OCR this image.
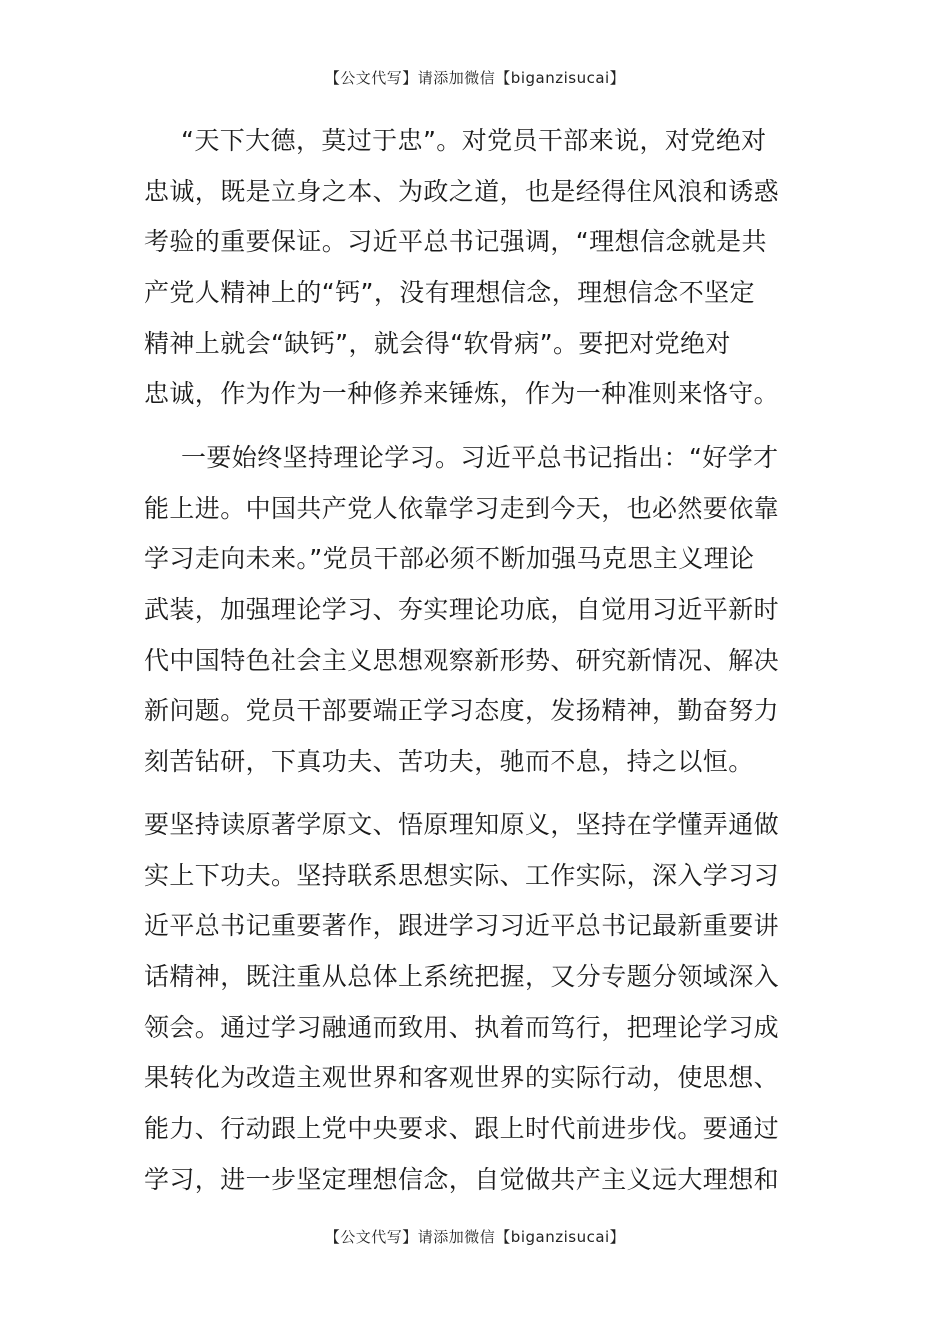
【公文代写】请添加微信【biganzisucai】
“天下大德，莫过于忠”。对党员干部来说，对党绝对
忠诚，既是立身之本、为政之道，也是经得住风浪和诱惑
考验的重要保证。习近平总书记强调，“理想信念就是共
产党人精神上的“钙”，没有理想信念，理想信念不坚定
精神上就会“缺钙”，就会得“软骨病”。要把对党绝对
忠诚，作为作为一种修养来锤炼，作为一种准则来恪守。
一要始终坚持理论学习。习近平总书记指出：“好学才
能上进。中国共产党人依靠学习走到今天，也必然要依靠
学习走向未来。”党员干部必须不断加强马克思主义理论
武装，加强理论学习、夯实理论功底，自觉用习近平新时
代中国特色社会主义思想观察新形势、研究新情况、解决
新问题。党员干部要端正学习态度，发扬精神，勤奋努力
刻苦钻研，下真功夫、苦功夫，驰而不息，持之以恒。
要坚持读原著学原文、悟原理知原义，坚持在学懂弄通做
实上下功夫。坚持联系思想实际、工作实际，深入学习习
近平总书记重要著作，跟进学习习近平总书记最新重要讲
话精神，既注重从总体上系统把握，又分专题分领域深入
领会。通过学习融通而致用、执着而笃行，把理论学习成
果转化为改造主观世界和客观世界的实际行动，使思想、
能力、行动跟上党中央要求、跟上时代前进步伐。要通过
学习，进一步坚定理想信念，自觉做共产主义远大理想和
【公文代写】请添加微信【biganzisucai】
